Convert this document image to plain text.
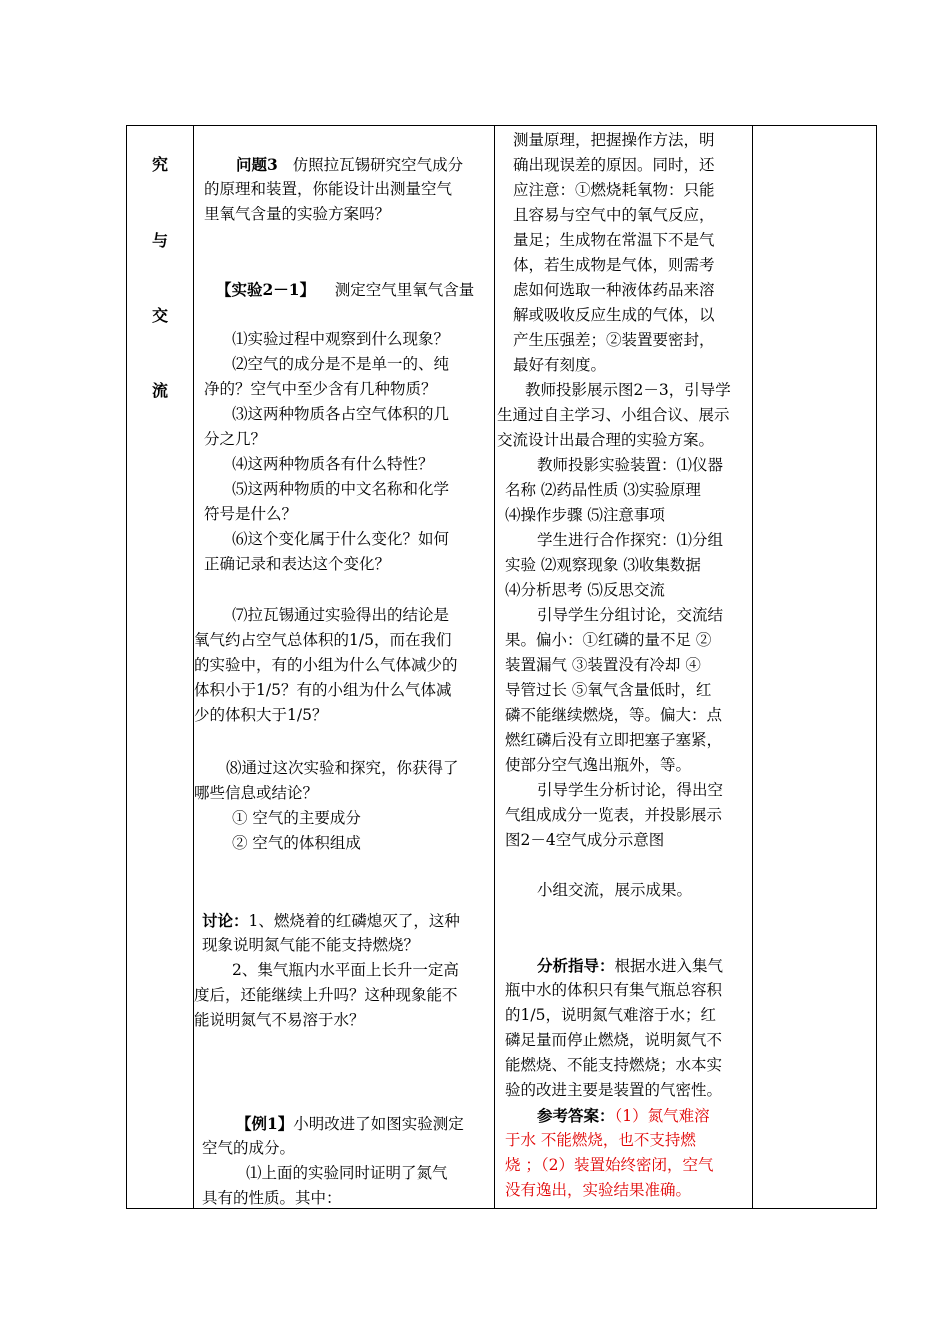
究
与
交
流
问题3 仿照拉瓦锡研究空气成分
的原理和装置，你能设计出测量空气
里氧气含量的实验方案吗？
【实验2－1】 测定空气里氧气含量
⑴实验过程中观察到什么现象？
⑵空气的成分是不是单一的、纯
净的？空气中至少含有几种物质？
⑶这两种物质各占空气体积的几
分之几？
⑷这两种物质各有什么特性？
⑸这两种物质的中文名称和化学
符号是什么？
⑹这个变化属于什么变化？如何
正确记录和表达这个变化？
⑺拉瓦锡通过实验得出的结论是
氧气约占空气总体积的1/5，而在我们
的实验中，有的小组为什么气体减少的
体积小于1/5？有的小组为什么气体减
少的体积大于1/5？
⑻通过这次实验和探究，你获得了
哪些信息或结论？
① 空气的主要成分
② 空气的体积组成
讨论：1、燃烧着的红磷熄灭了，这种
现象说明氮气能不能支持燃烧？
2、集气瓶内水平面上长升一定高
度后，还能继续上升吗？这种现象能不
能说明氮气不易溶于水？
【例1】小明改进了如图实验测定
空气的成分。
⑴上面的实验同时证明了氮气
具有的性质。其中：
测量原理，把握操作方法，明
确出现误差的原因。同时，还
应注意：①燃烧耗氧物：只能
且容易与空气中的氧气反应，
量足；生成物在常温下不是气
体，若生成物是气体，则需考
虑如何选取一种液体药品来溶
解或吸收反应生成的气体，以
产生压强差；②装置要密封，
最好有刻度。
教师投影展示图2－3，引导学
生通过自主学习、小组合议、展示
交流设计出最合理的实验方案。
教师投影实验装置：⑴仪器
名称 ⑵药品性质 ⑶实验原理
⑷操作步骤 ⑸注意事项
学生进行合作探究：⑴分组
实验 ⑵观察现象 ⑶收集数据
⑷分析思考 ⑸反思交流
引导学生分组讨论，交流结
果。偏小：①红磷的量不足 ②
装置漏气 ③装置没有冷却 ④
导管过长 ⑤氧气含量低时，红
磷不能继续燃烧，等。偏大：点
燃红磷后没有立即把塞子塞紧，
使部分空气逸出瓶外，等。
引导学生分析讨论，得出空
气组成成分一览表，并投影展示
图2－4空气成分示意图
小组交流，展示成果。
分析指导：根据水进入集气
瓶中水的体积只有集气瓶总容积
的1/5，说明氮气难溶于水；红
磷足量而停止燃烧，说明氮气不
能燃烧、不能支持燃烧；水本实
验的改进主要是装置的气密性。
参考答案：（1）氮气难溶
于水 不能燃烧，也不支持燃
烧 ；（2）装置始终密闭，空气
没有逸出，实验结果准确。
